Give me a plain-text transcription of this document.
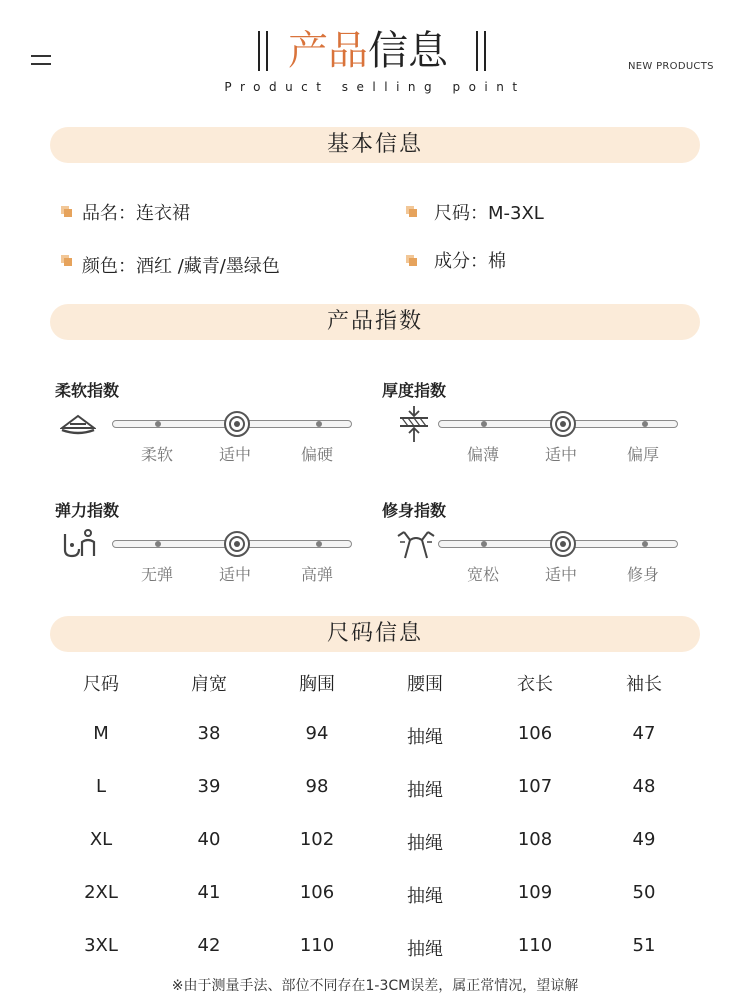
产品信息
Product selling point
NEW PRODUCTS
基本信息
品名：连衣裙	尺码：M-3XL
颜色：酒红 /藏青/墨绿色	成分：棉
产品指数
柔软指数
柔软	适中	偏硬
厚度指数
偏薄	适中	偏厚
弹力指数
无弹	适中	高弹
修身指数
宽松	适中	修身
尺码信息
尺码	肩宽	胸围	腰围	衣长	袖长
M	38	94	抽绳	106	47
L	39	98	抽绳	107	48
XL	40	102	抽绳	108	49
2XL	41	106	抽绳	109	50
3XL	42	110	抽绳	110	51
※由于测量手法、部位不同存在1-3CM误差，属正常情况，望谅解
